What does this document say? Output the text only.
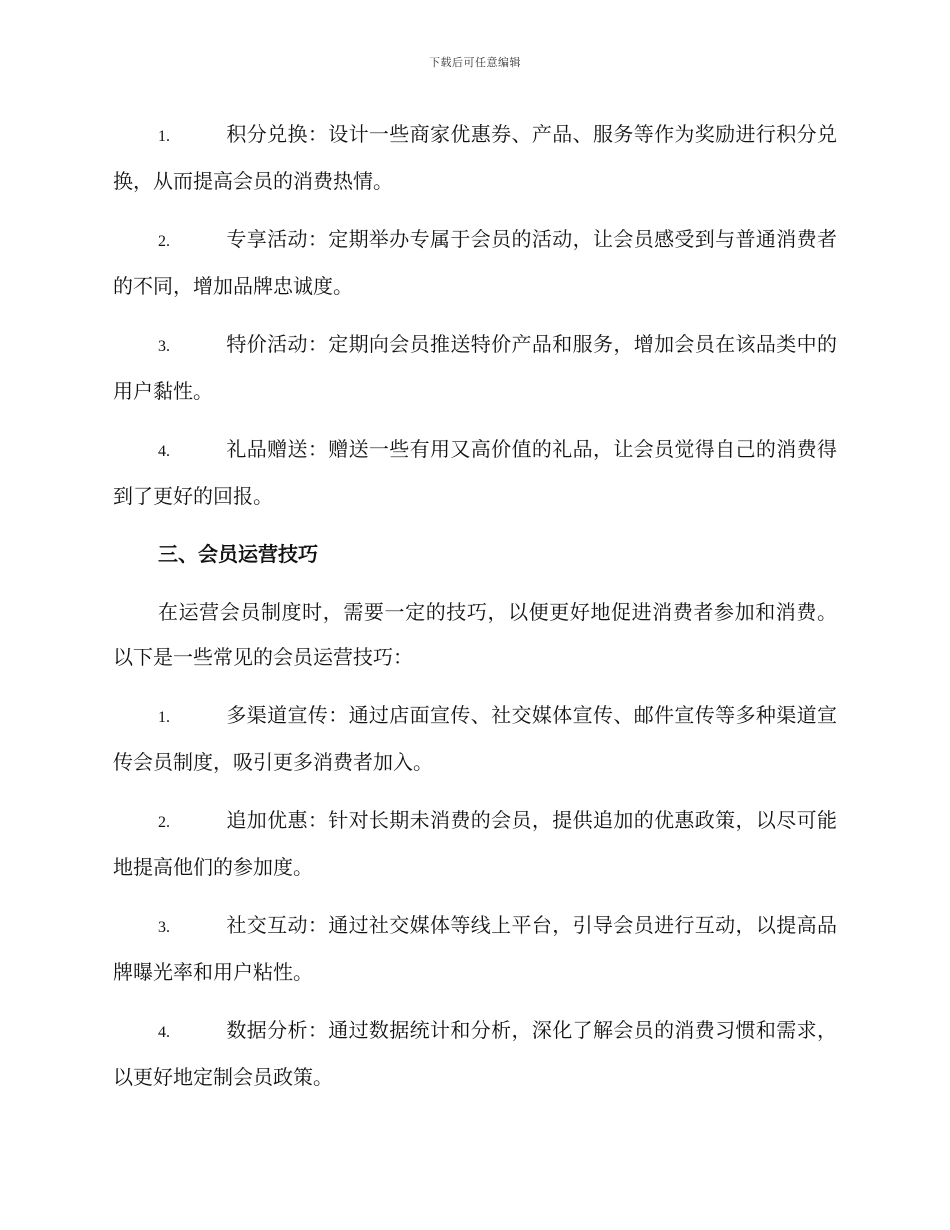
下载后可任意编辑

1.	积分兑换：设计一些商家优惠券、产品、服务等作为奖励进行积分兑换，从而提高会员的消费热情。

2.	专享活动：定期举办专属于会员的活动，让会员感受到与普通消费者的不同，增加品牌忠诚度。

3.	特价活动：定期向会员推送特价产品和服务，增加会员在该品类中的用户黏性。

4.	礼品赠送：赠送一些有用又高价值的礼品，让会员觉得自己的消费得到了更好的回报。

三、会员运营技巧

在运营会员制度时，需要一定的技巧，以便更好地促进消费者参加和消费。以下是一些常见的会员运营技巧：

1.	多渠道宣传：通过店面宣传、社交媒体宣传、邮件宣传等多种渠道宣传会员制度，吸引更多消费者加入。

2.	追加优惠：针对长期未消费的会员，提供追加的优惠政策，以尽可能地提高他们的参加度。

3.	社交互动：通过社交媒体等线上平台，引导会员进行互动，以提高品牌曝光率和用户粘性。

4.	数据分析：通过数据统计和分析，深化了解会员的消费习惯和需求，以更好地定制会员政策。
